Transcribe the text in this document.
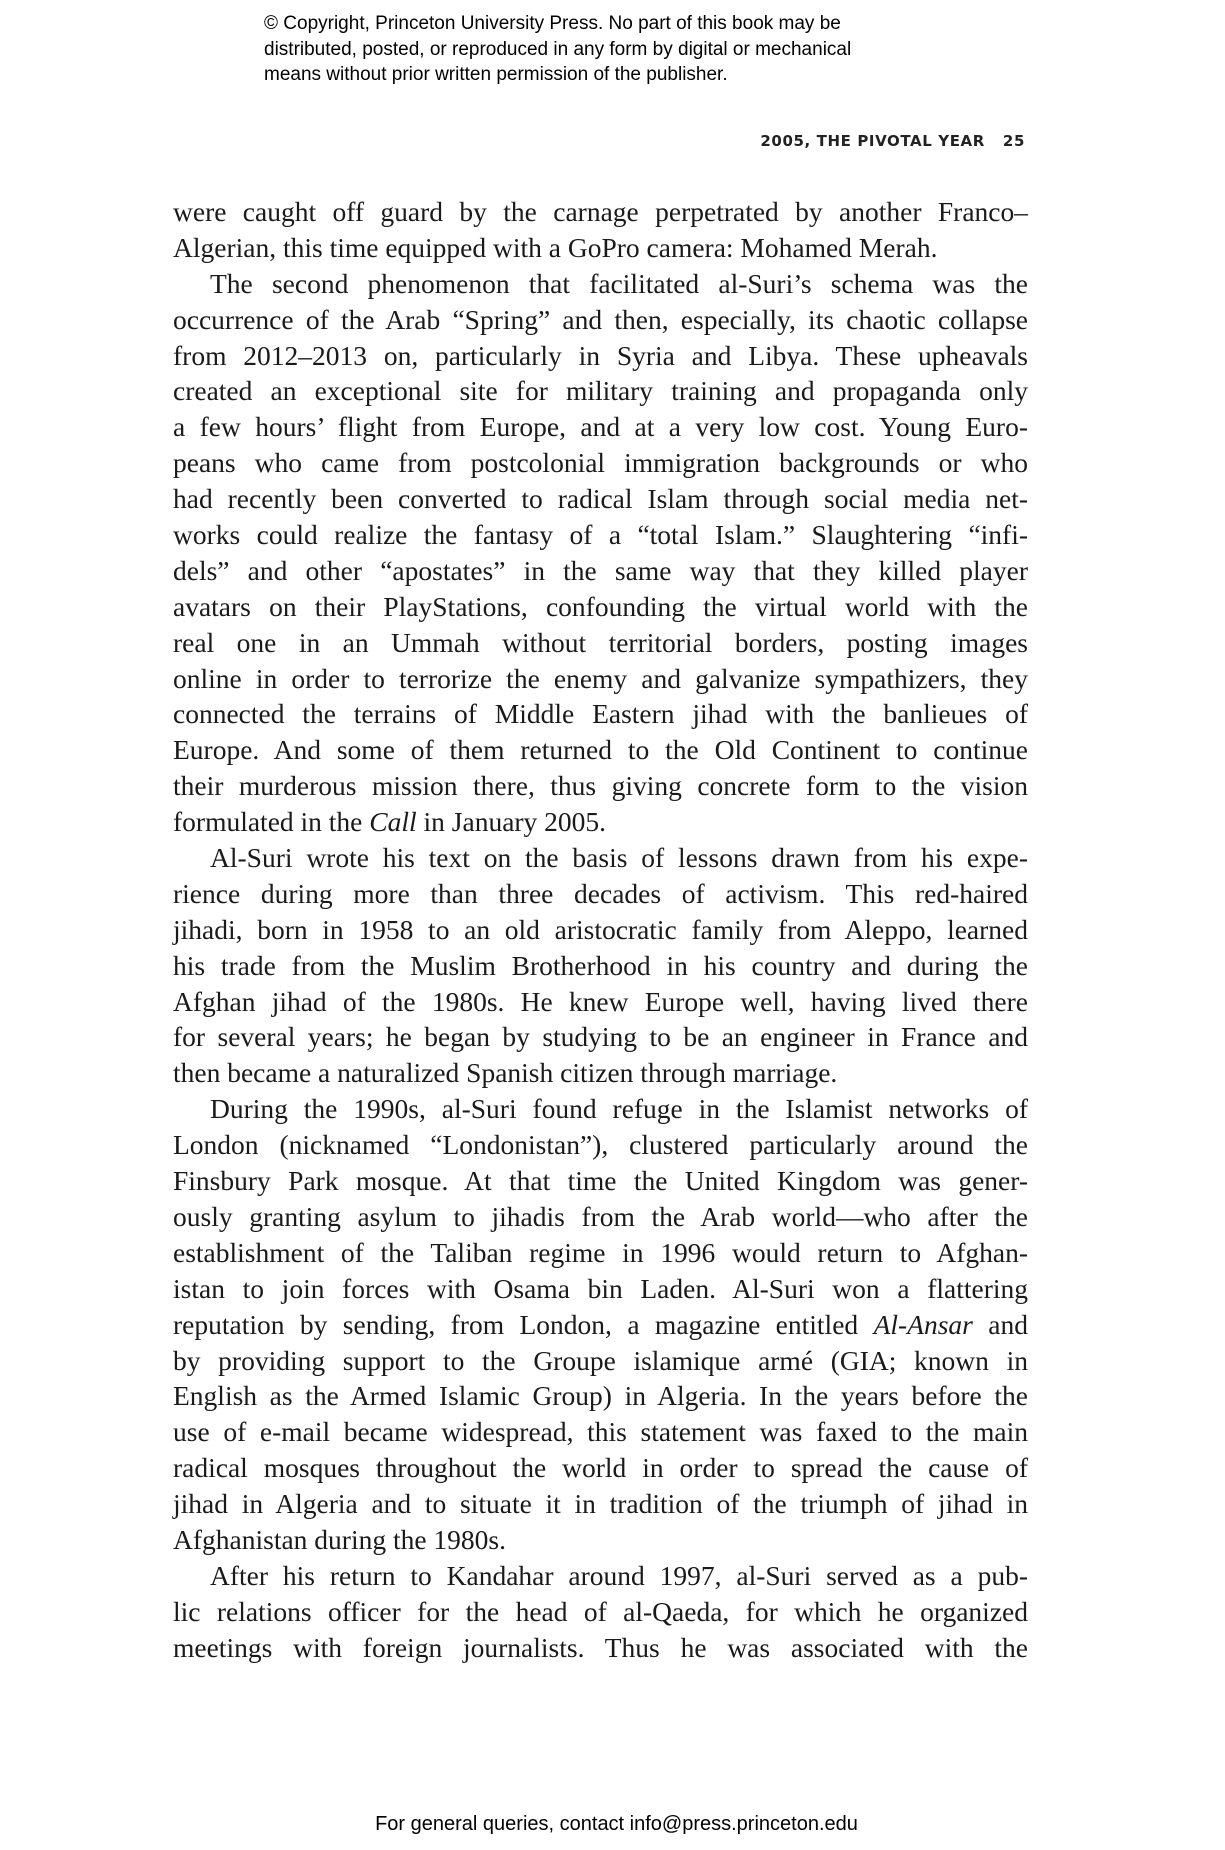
© Copyright, Princeton University Press. No part of this book may be
distributed, posted, or reproduced in any form by digital or mechanical
means without prior written permission of the publisher.
2005, THE PIVOTAL YEAR 25
were caught off guard by the carnage perpetrated by another Franco–
Algerian, this time equipped with a GoPro camera: Mohamed Merah.
The second phenomenon that facilitated al-Suri’s schema was the
occurrence of the Arab “Spring” and then, especially, its chaotic collapse
from 2012–2013 on, particularly in Syria and Libya. These upheavals
created an exceptional site for military training and propaganda only
a few hours’ flight from Europe, and at a very low cost. Young Euro-
peans who came from postcolonial immigration backgrounds or who
had recently been converted to radical Islam through social media net-
works could realize the fantasy of a “total Islam.” Slaughtering “infi-
dels” and other “apostates” in the same way that they killed player
avatars on their PlayStations, confounding the virtual world with the
real one in an Ummah without territorial borders, posting images
online in order to terrorize the enemy and galvanize sympathizers, they
connected the terrains of Middle Eastern jihad with the banlieues of
Europe. And some of them returned to the Old Continent to continue
their murderous mission there, thus giving concrete form to the vision
formulated in the Call in January 2005.
Al-Suri wrote his text on the basis of lessons drawn from his expe-
rience during more than three decades of activism. This red-haired
jihadi, born in 1958 to an old aristocratic family from Aleppo, learned
his trade from the Muslim Brotherhood in his country and during the
Afghan jihad of the 1980s. He knew Europe well, having lived there
for several years; he began by studying to be an engineer in France and
then became a naturalized Spanish citizen through marriage.
During the 1990s, al-Suri found refuge in the Islamist networks of
London (nicknamed “Londonistan”), clustered particularly around the
Finsbury Park mosque. At that time the United Kingdom was gener-
ously granting asylum to jihadis from the Arab world—who after the
establishment of the Taliban regime in 1996 would return to Afghan-
istan to join forces with Osama bin Laden. Al-Suri won a flattering
reputation by sending, from London, a magazine entitled Al-Ansar and
by providing support to the Groupe islamique armé (GIA; known in
English as the Armed Islamic Group) in Algeria. In the years before the
use of e-mail became widespread, this statement was faxed to the main
radical mosques throughout the world in order to spread the cause of
jihad in Algeria and to situate it in tradition of the triumph of jihad in
Afghanistan during the 1980s.
After his return to Kandahar around 1997, al-Suri served as a pub-
lic relations officer for the head of al-Qaeda, for which he organized
meetings with foreign journalists. Thus he was associated with the
For general queries, contact info@press.princeton.edu
